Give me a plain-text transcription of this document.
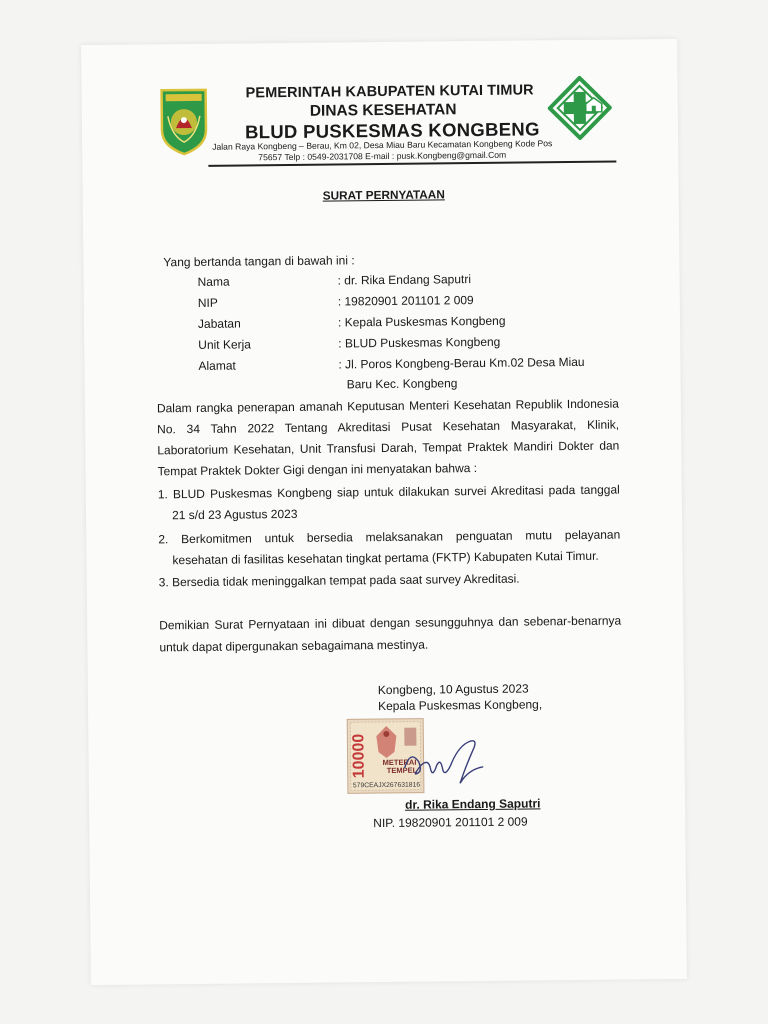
PEMERINTAH KABUPATEN KUTAI TIMUR
DINAS KESEHATAN
BLUD PUSKESMAS KONGBENG
Jalan Raya Kongbeng – Berau, Km 02, Desa Miau Baru Kecamatan Kongbeng Kode Pos
75657 Telp : 0549-2031708 E-mail : pusk.Kongbeng@gmail.Com
SURAT PERNYATAAN
Yang bertanda tangan di bawah ini :
Nama	: dr. Rika Endang Saputri
NIP	: 19820901 201101 2 009
Jabatan	: Kepala Puskesmas Kongbeng
Unit Kerja	: BLUD Puskesmas Kongbeng
Alamat	: Jl. Poros Kongbeng-Berau Km.02 Desa Miau
Baru Kec. Kongbeng
Dalam rangka penerapan amanah Keputusan Menteri Kesehatan Republik Indonesia
No. 34 Tahn 2022 Tentang Akreditasi Pusat Kesehatan Masyarakat, Klinik,
Laboratorium Kesehatan, Unit Transfusi Darah, Tempat Praktek Mandiri Dokter dan
Tempat Praktek Dokter Gigi dengan ini menyatakan bahwa :
1. BLUD Puskesmas Kongbeng siap untuk dilakukan survei Akreditasi pada tanggal
21 s/d 23 Agustus 2023
2. Berkomitmen untuk bersedia melaksanakan penguatan mutu pelayanan
kesehatan di fasilitas kesehatan tingkat pertama (FKTP) Kabupaten Kutai Timur.
3. Bersedia tidak meninggalkan tempat pada saat survey Akreditasi.
Demikian Surat Pernyataan ini dibuat dengan sesungguhnya dan sebenar-benarnya
untuk dapat dipergunakan sebagaimana mestinya.
Kongbeng, 10 Agustus 2023
Kepala Puskesmas Kongbeng,
10000 METERAI
TEMPEL
579CEAJX267631816
dr. Rika Endang Saputri
NIP. 19820901 201101 2 009
